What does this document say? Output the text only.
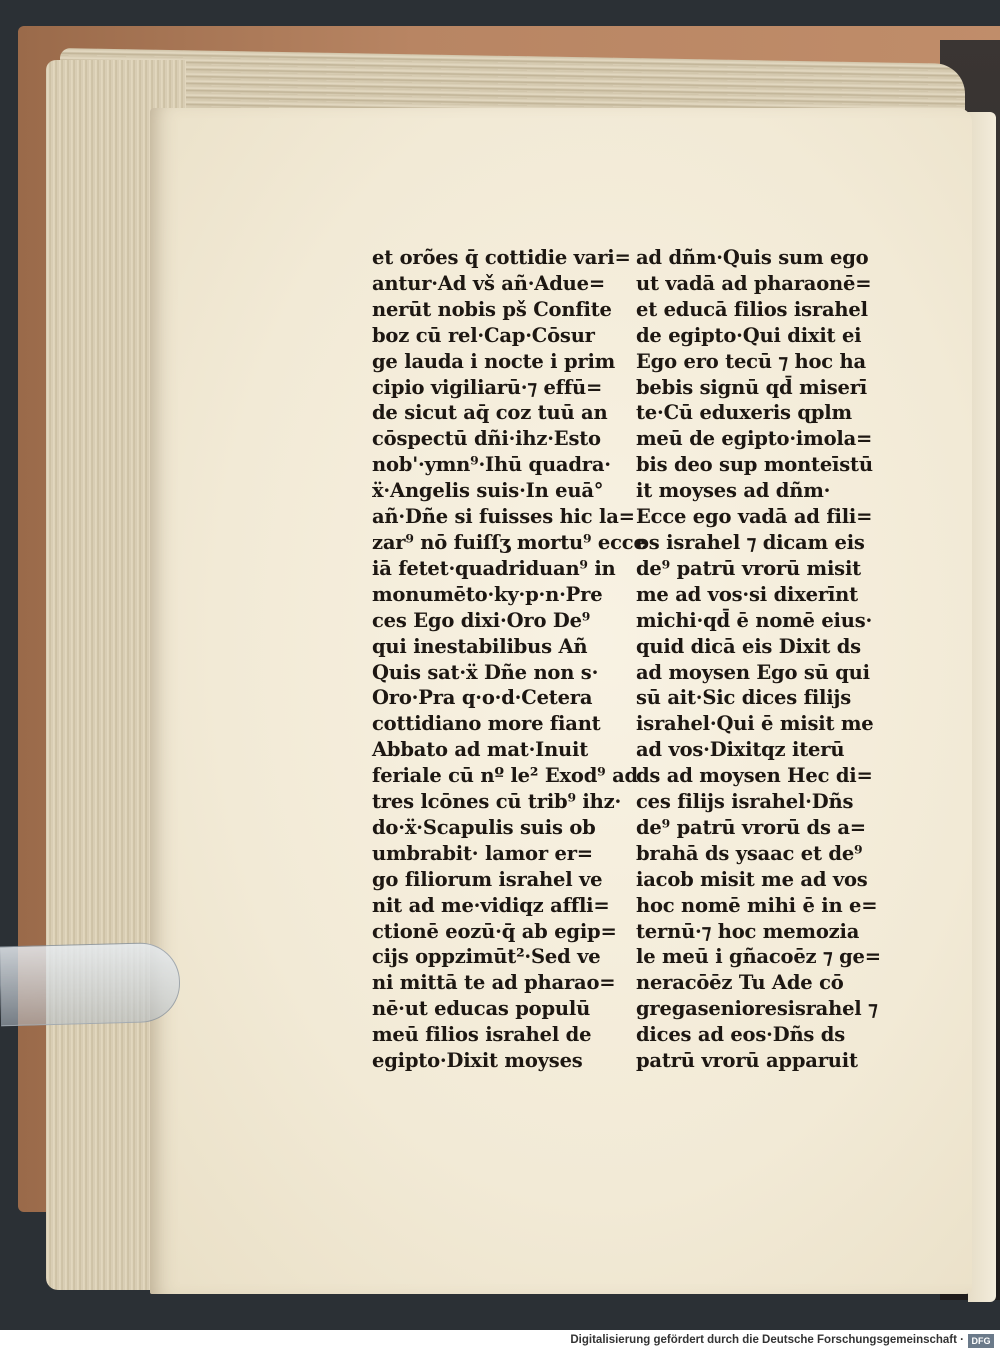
et orões q̄ cottidie vari=
antur·Ad vš añ·Adue=
nerūt nobis pš Confite
boz cū rel·Cap·Cōsur
ge lauda i nocte i prim
cipio vigiliarū·⁊ effū=
de sicut aq̄ coz tuū an
cōspectū dñi·ihz·Esto
nob'·ymn⁹·Ihū quadra·
ẍ·Angelis suis·In euā°
añ·Dñe si fuisses hic la=
zar⁹ nō fuiſſʒ mortu⁹ ecce
iā fetet·quadriduan⁹ in
monumēto·ky·p·n·Pre
ces Ego dixi·Oro De⁹
qui inestabilibus Añ
Quis sat·ẍ Dñe non s·
Oro·Pra q·o·d·Cetera
cottidiano more fiant
Abbato ad mat·Inuit
feriale cū nº le² Exod⁹ ad
tres lcōnes cū trib⁹ ihz·
do·ẍ·Scapulis suis ob
umbrabit· lamor er=
go filiorum israhel ve
nit ad me·vidiqz affli=
ctionē eozū·q̄ ab egip=
cijs oppzimūt²·Sed ve
ni mittā te ad pharao=
nē·ut educas populū
meū filios israhel de
egipto·Dixit moyses
ad dñm·Quis sum ego
ut vadā ad pharaonē=
et educā filios israhel
de egipto·Qui dixit ei
Ego ero tecū ⁊ hoc ha
bebis signū qd̄ miserī
te·Cū eduxeris ɋplm
meū de egipto·imola=
bis deo sup monteīstū
it moyses ad dñm·
Ecce ego vadā ad fili=
os israhel ⁊ dicam eis
de⁹ patrū vrorū misit
me ad vos·si dixerīnt
michi·qd̄ ē nomē eius·
quid dicā eis Dixit ds
ad moysen Ego sū qui
sū ait·Sic dices filijs
israhel·Qui ē misit me
ad vos·Dixitqz iterū
ds ad moysen Hec di=
ces filijs israhel·Dñs
de⁹ patrū vrorū ds a=
brahā ds ysaac et de⁹
iacob misit me ad vos
hoc nomē mihi ē in e=
ternū·⁊ hoc memozia
le meū i gñacoēz ⁊ ge=
neracōēz Tu Ade cō
gregasenioresisrahel ⁊
dices ad eos·Dñs ds
patrū vrorū apparuit
Digitalisierung gefördert durch die Deutsche Forschungsgemeinschaft · DFG
